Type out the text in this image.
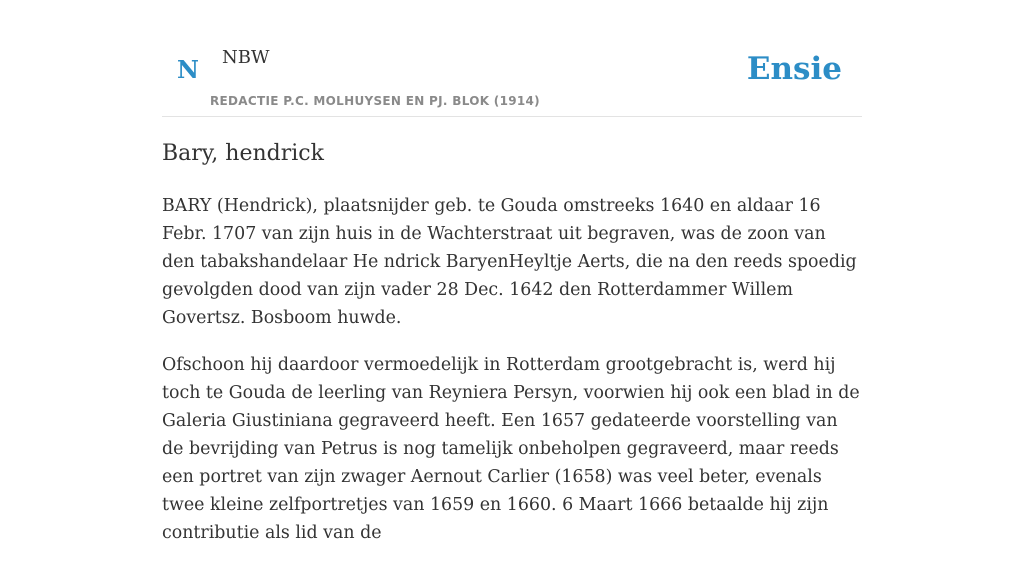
N NBW
REDACTIE P.C. MOLHUYSEN EN PJ. BLOK (1914)
Ensie
Bary, hendrick

BARY (Hendrick), plaatsnijder geb. te Gouda omstreeks 1640 en aldaar 16 Febr. 1707 van zijn huis in de Wachterstraat uit begraven, was de zoon van den tabakshandelaar He ndrick BaryenHeyltje Aerts, die na den reeds spoedig gevolgden dood van zijn vader 28 Dec. 1642 den Rotterdammer Willem Govertsz. Bosboom huwde.

Ofschoon hij daardoor vermoedelijk in Rotterdam grootgebracht is, werd hij toch te Gouda de leerling van Reyniera Persyn, voorwien hij ook een blad in de Galeria Giustiniana gegraveerd heeft. Een 1657 gedateerde voorstelling van de bevrijding van Petrus is nog tamelijk onbeholpen gegraveerd, maar reeds een portret van zijn zwager Aernout Carlier (1658) was veel beter, evenals twee kleine zelfportretjes van 1659 en 1660. 6 Maart 1666 betaalde hij zijn contributie als lid van de
